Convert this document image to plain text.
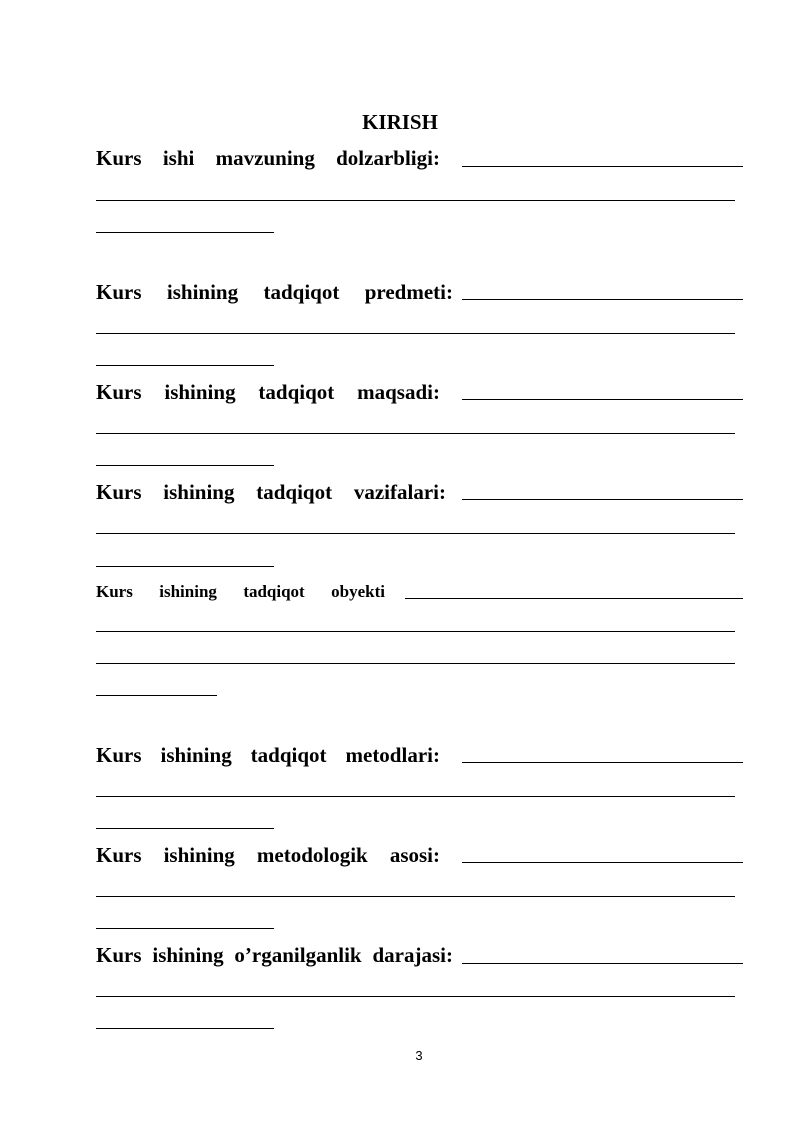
KIRISH
Kurs ishi mavzuning dolzarbligi:
Kurs ishining tadqiqot predmeti:
Kurs ishining tadqiqot maqsadi:
Kurs ishining tadqiqot vazifalari:
Kurs ishining tadqiqot obyekti
Kurs ishining tadqiqot metodlari:
Kurs ishining metodologik asosi:
Kurs ishining o’rganilganlik darajasi:
3
